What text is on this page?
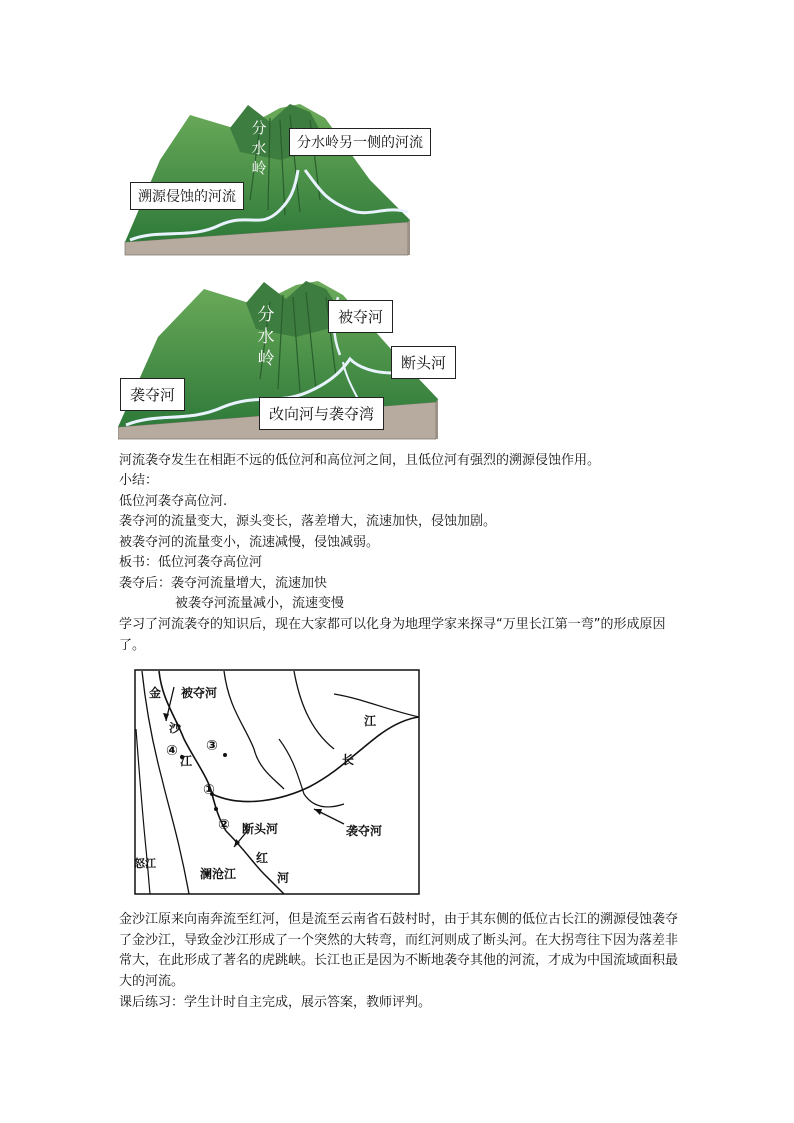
分
水
岭
分水岭另一侧的河流
溯源侵蚀的河流
分
水
岭
被夺河
断头河
袭夺河
改向河与袭夺湾
河流袭夺发生在相距不远的低位河和高位河之间，且低位河有强烈的溯源侵蚀作用。
小结：
低位河袭夺高位河.
袭夺河的流量变大，源头变长，落差增大，流速加快，侵蚀加剧。
被袭夺河的流量变小，流速减慢，侵蚀减弱。
板书：低位河袭夺高位河
袭夺后：袭夺河流量增大，流速加快
被袭夺河流量减小，流速变慢
学习了河流袭夺的知识后，现在大家都可以化身为地理学家来探寻“万里长江第一弯”的形成原因了。
金 被夺河
沙
④ ③
江
江
长
①
② 断头河	袭夺河
红
河
澜沧江
怒江
金沙江原来向南奔流至红河，但是流至云南省石鼓村时，由于其东侧的低位古长江的溯源侵蚀袭夺了金沙江，导致金沙江形成了一个突然的大转弯，而红河则成了断头河。在大拐弯往下因为落差非常大，在此形成了著名的虎跳峡。长江也正是因为不断地袭夺其他的河流，才成为中国流域面积最大的河流。
课后练习：学生计时自主完成，展示答案，教师评判。
